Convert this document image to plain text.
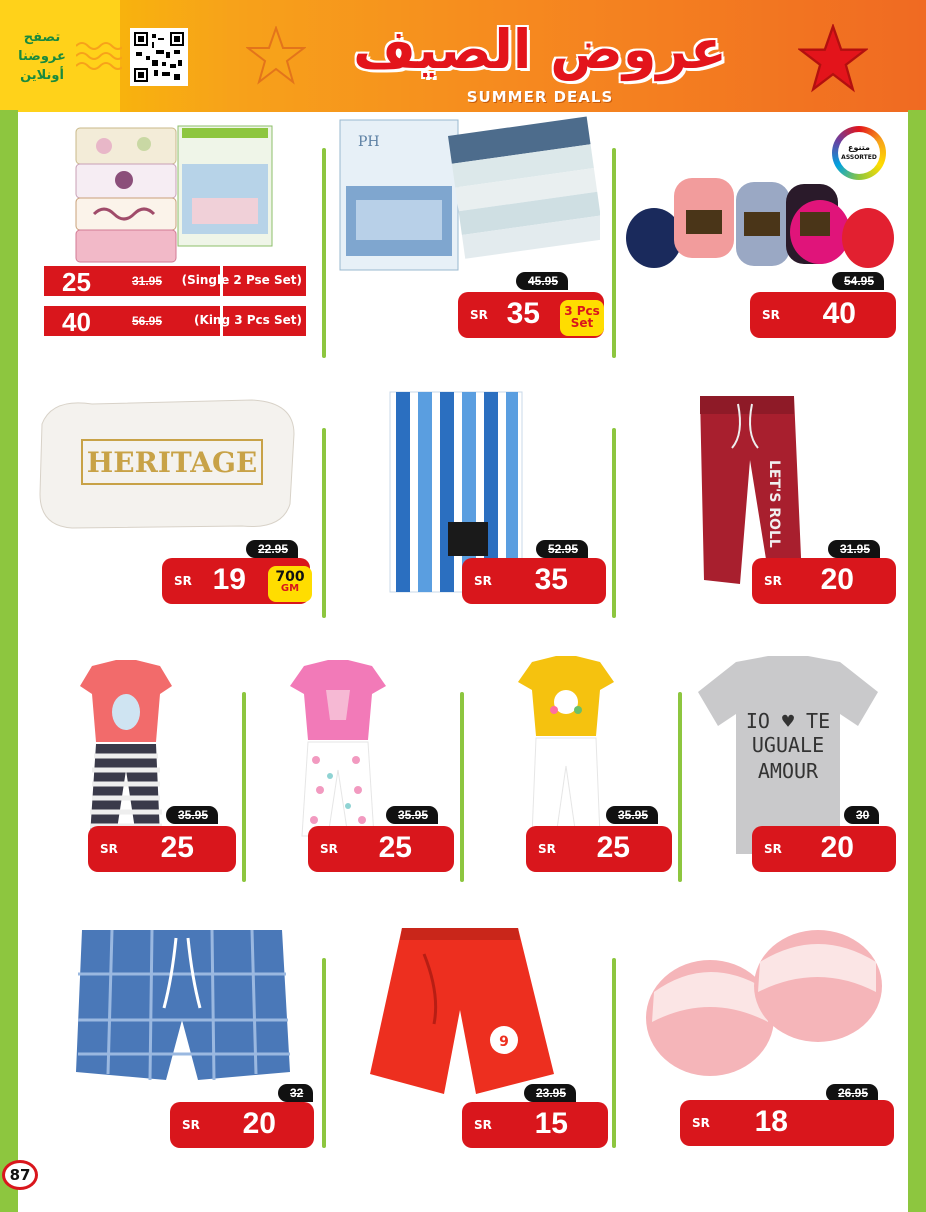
تصفح
عروضنا
أونلاين	عروض الصيف
SUMMER DEALS
25	31.95 (Single 2 Pse Set)
40	56.95	(King 3 Pcs Set)
PH
45.95
SR 35	3 Pcs
Set
متنوع
ASSORTED
54.95
SR 40
HERITAGE
22.95
SR 19	700
GM
52.95
SR 35
LET'S ROLL
31.95
SR 20
35.95
SR 25
35.95
SR 25
35.95
SR 25
IO ♥ TE
UGUALE
AMOUR
30
SR 20
32
SR 20
9
23.95
SR 15
26.95
SR 18
87
